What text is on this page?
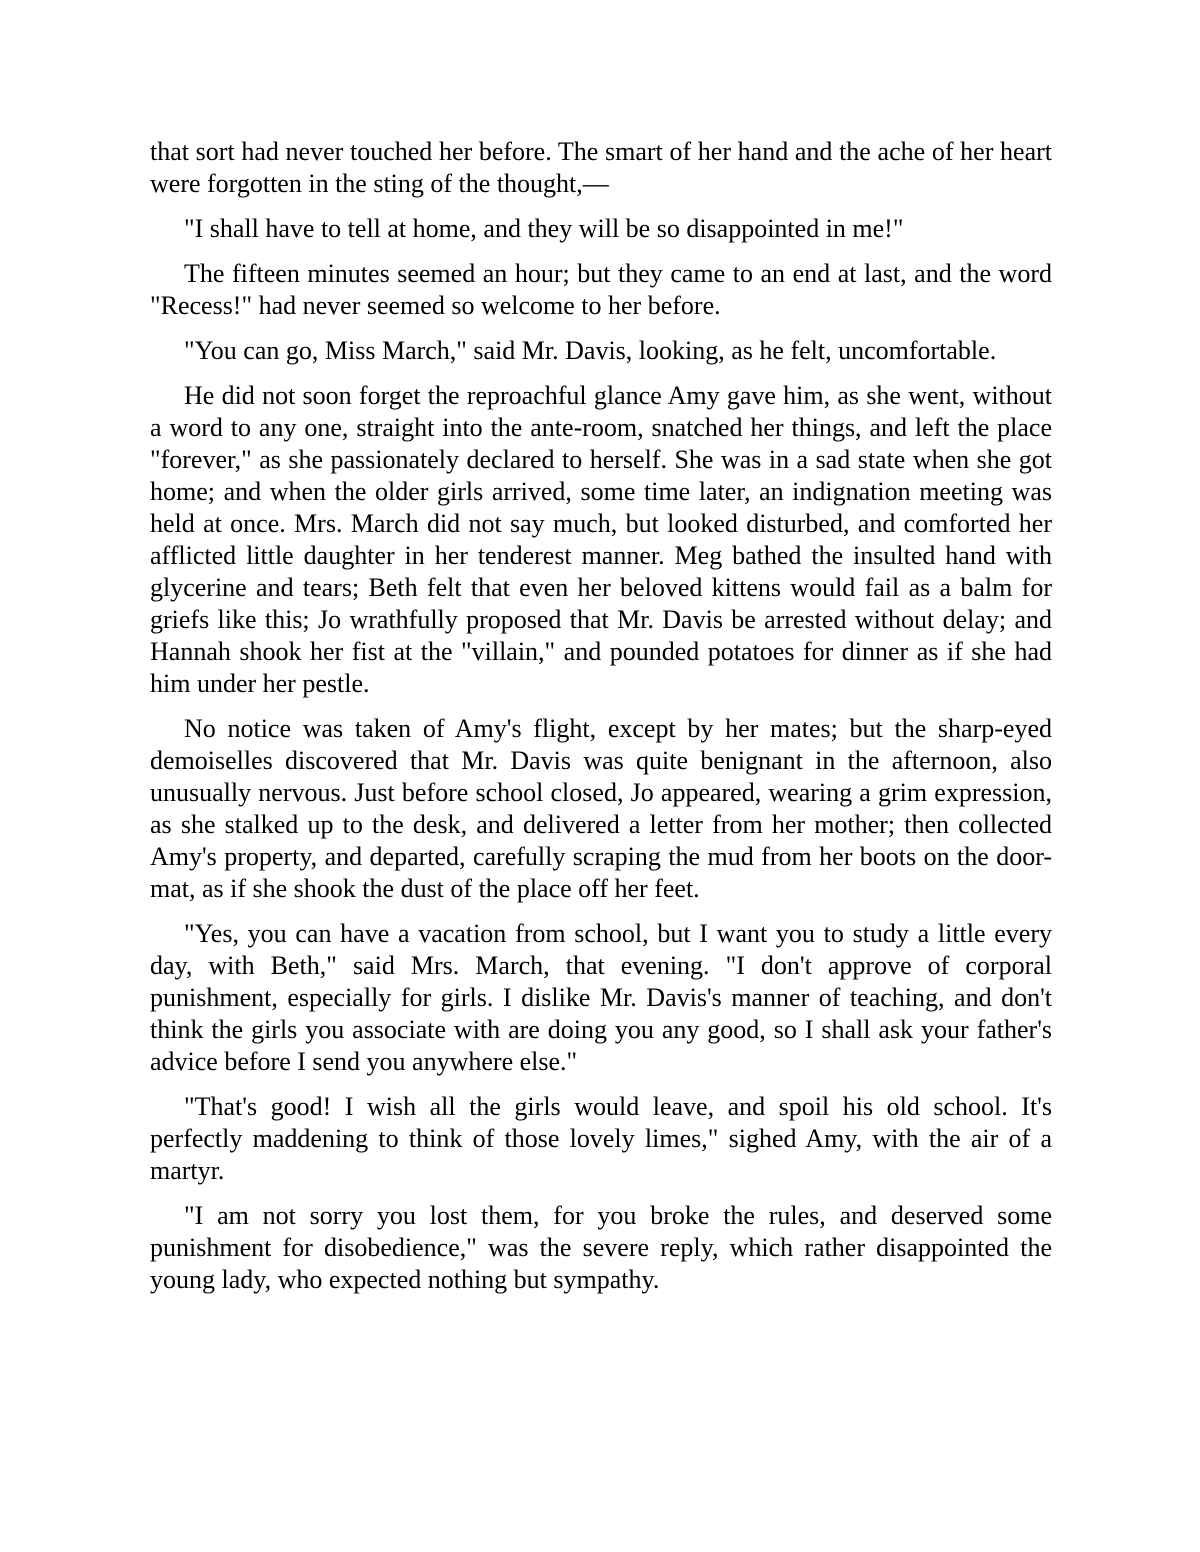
that sort had never touched her before. The smart of her hand and the ache of her heart were forgotten in the sting of the thought,—

"I shall have to tell at home, and they will be so disappointed in me!"

The fifteen minutes seemed an hour; but they came to an end at last, and the word "Recess!" had never seemed so welcome to her before.

"You can go, Miss March," said Mr. Davis, looking, as he felt, uncomfortable.

He did not soon forget the reproachful glance Amy gave him, as she went, without a word to any one, straight into the ante-room, snatched her things, and left the place "forever," as she passionately declared to herself. She was in a sad state when she got home; and when the older girls arrived, some time later, an indignation meeting was held at once. Mrs. March did not say much, but looked disturbed, and comforted her afflicted little daughter in her tenderest manner. Meg bathed the insulted hand with glycerine and tears; Beth felt that even her beloved kittens would fail as a balm for griefs like this; Jo wrathfully proposed that Mr. Davis be arrested without delay; and Hannah shook her fist at the "villain," and pounded potatoes for dinner as if she had him under her pestle.

No notice was taken of Amy's flight, except by her mates; but the sharp-eyed demoiselles discovered that Mr. Davis was quite benignant in the afternoon, also unusually nervous. Just before school closed, Jo appeared, wearing a grim expression, as she stalked up to the desk, and delivered a letter from her mother; then collected Amy's property, and departed, carefully scraping the mud from her boots on the door-mat, as if she shook the dust of the place off her feet.

"Yes, you can have a vacation from school, but I want you to study a little every day, with Beth," said Mrs. March, that evening. "I don't approve of corporal punishment, especially for girls. I dislike Mr. Davis's manner of teaching, and don't think the girls you associate with are doing you any good, so I shall ask your father's advice before I send you anywhere else."

"That's good! I wish all the girls would leave, and spoil his old school. It's perfectly maddening to think of those lovely limes," sighed Amy, with the air of a martyr.

"I am not sorry you lost them, for you broke the rules, and deserved some punishment for disobedience," was the severe reply, which rather disappointed the young lady, who expected nothing but sympathy.
